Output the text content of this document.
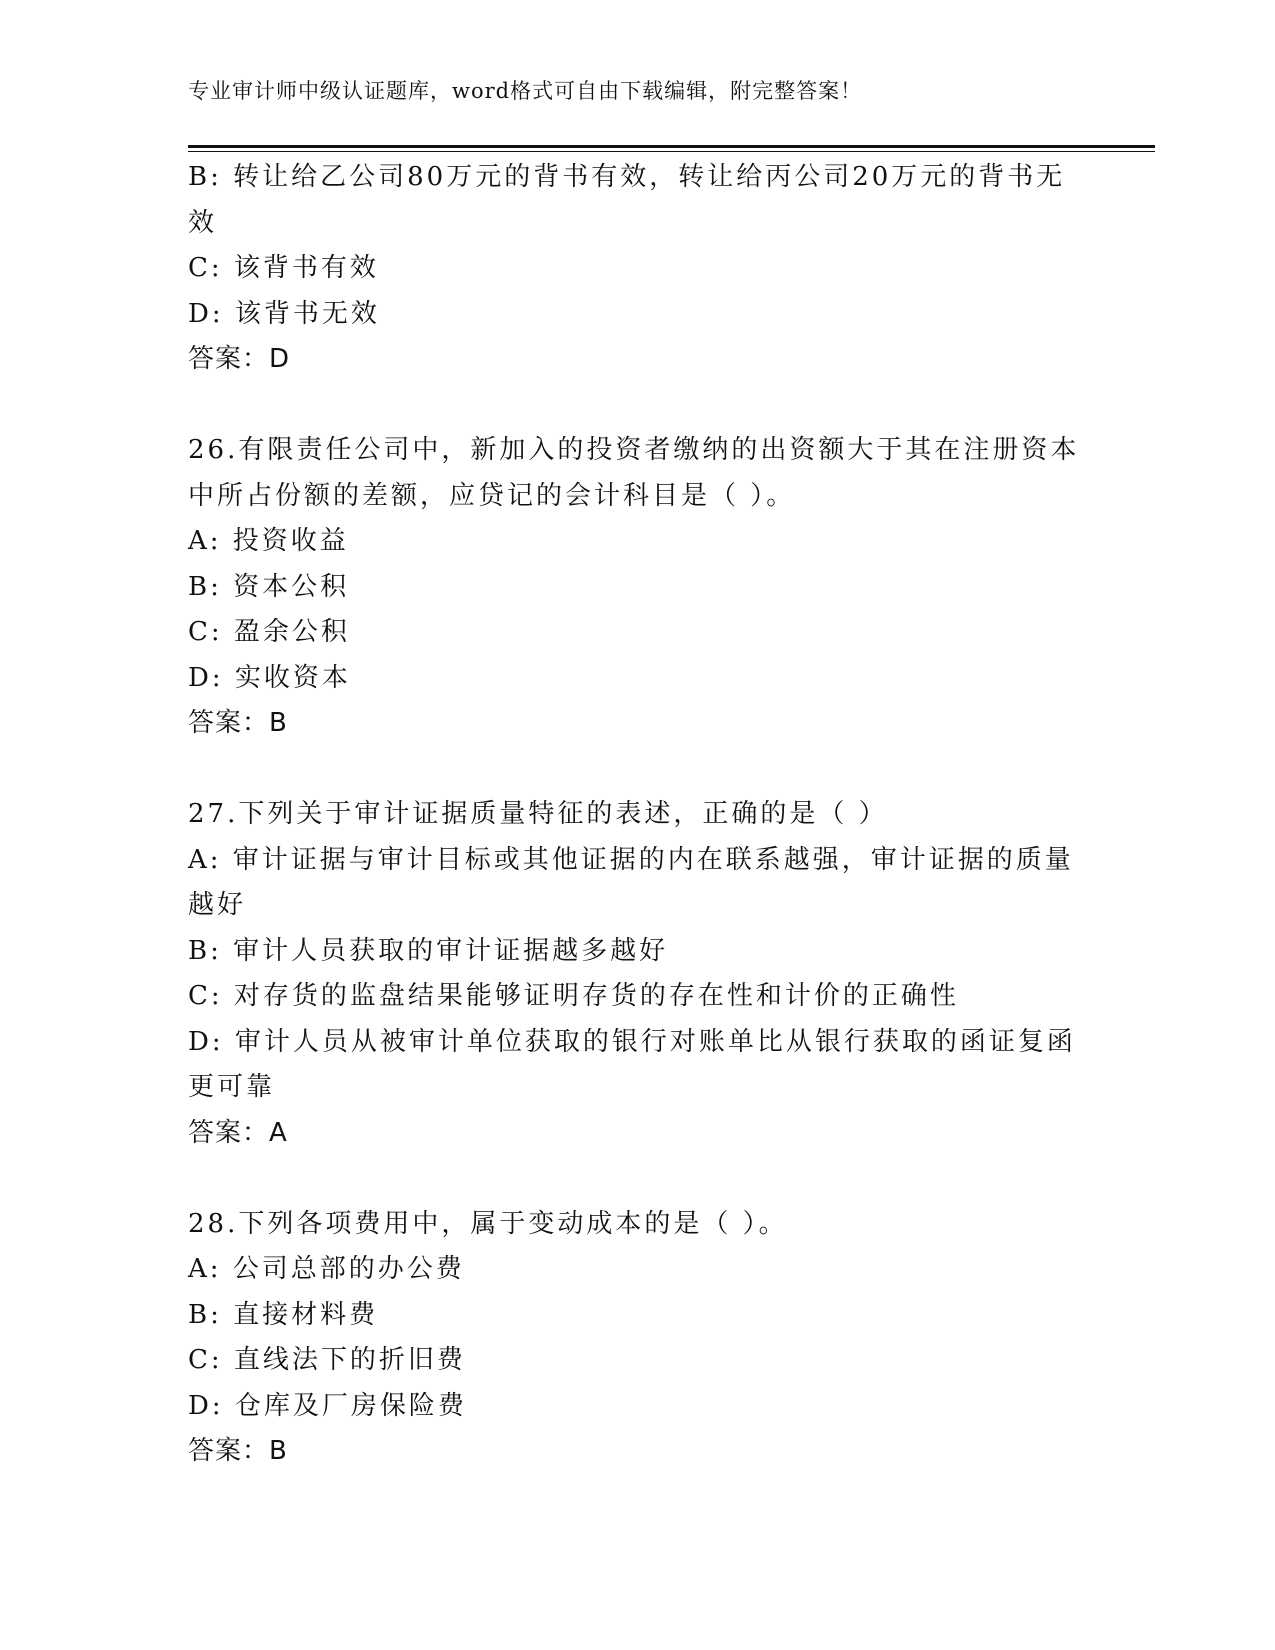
专业审计师中级认证题库，word格式可自由下载编辑，附完整答案！
B: 转让给乙公司80万元的背书有效，转让给丙公司20万元的背书无
效
C: 该背书有效
D: 该背书无效
答案：D
26.有限责任公司中，新加入的投资者缴纳的出资额大于其在注册资本
中所占份额的差额，应贷记的会计科目是（ ）。
A: 投资收益
B: 资本公积
C: 盈余公积
D: 实收资本
答案：B
27.下列关于审计证据质量特征的表述，正确的是（ ）
A: 审计证据与审计目标或其他证据的内在联系越强，审计证据的质量
越好
B: 审计人员获取的审计证据越多越好
C: 对存货的监盘结果能够证明存货的存在性和计价的正确性
D: 审计人员从被审计单位获取的银行对账单比从银行获取的函证复函
更可靠
答案：A
28.下列各项费用中，属于变动成本的是（ ）。
A: 公司总部的办公费
B: 直接材料费
C: 直线法下的折旧费
D: 仓库及厂房保险费
答案：B
